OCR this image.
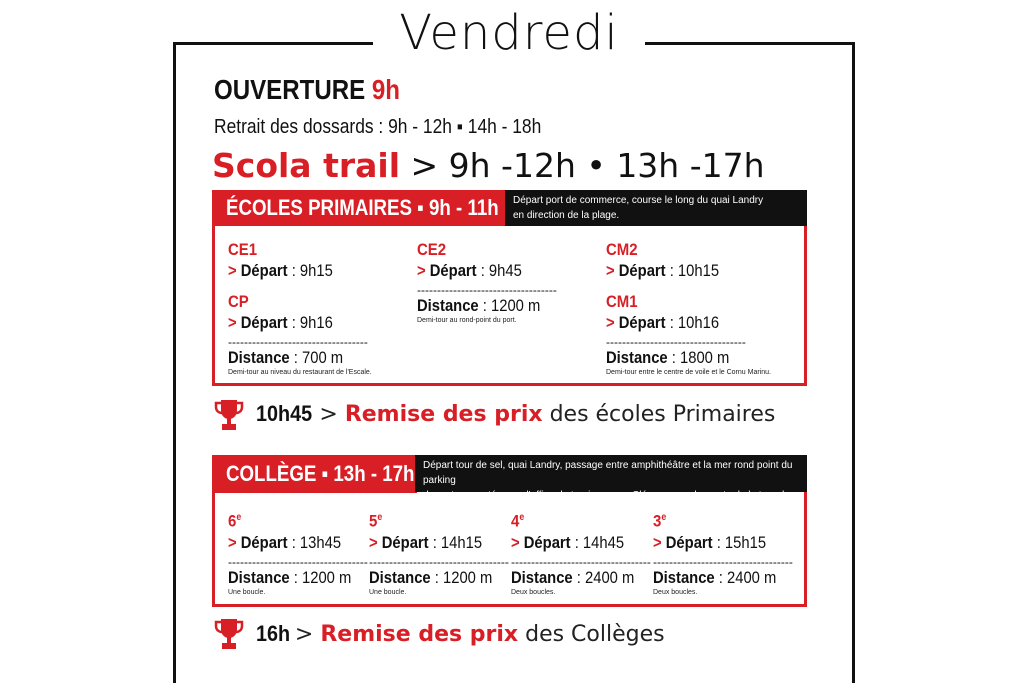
Vendredi
OUVERTURE 9h
Retrait des dossards : 9h - 12h ▪ 14h - 18h
Scola trail > 9h -12h • 13h -17h
ÉCOLES PRIMAIRES ▪ 9h - 11h	Départ port de commerce, course le long du quai Landry
en direction de la plage.
CE1
> Départ : 9h15
CP
> Départ : 9h16
-----------------------------------
Distance : 700 m
Demi-tour au niveau du restaurant de l'Escale.
CE2
> Départ : 9h45
-----------------------------------
Distance : 1200 m
Demi-tour au rond-point du port.
CM2
> Départ : 10h15
CM1
> Départ : 10h16
-----------------------------------
Distance : 1800 m
Demi-tour entre le centre de voile et le Cornu Marinu.
10h45 > Remise des prix des écoles Primaires
COLLÈGE ▪ 13h - 17h Départ tour de sel, quai Landry, passage entre amphithéâtre et la mer rond point du parking
du port, remontée vers l'office du tourisme, rue Clémenceau descente de la tour du sel.
$6^e$
> Départ : 13h45
-----------------------------------
Distance : 1200 m
Une boucle.
$5^e$
> Départ : 14h15
-----------------------------------
Distance : 1200 m
Une boucle.
$4^e$
> Départ : 14h45
-----------------------------------
Distance : 2400 m
Deux boucles.
$3^e$
> Départ : 15h15
-----------------------------------
Distance : 2400 m
Deux boucles.
16h > Remise des prix des Collèges
